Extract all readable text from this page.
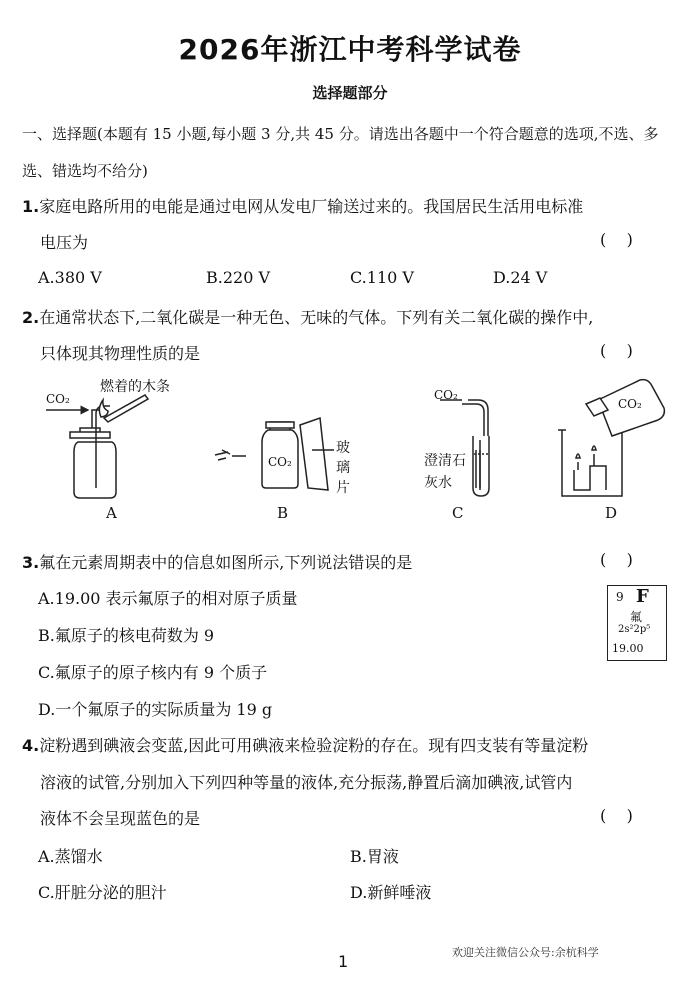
2026年浙江中考科学试卷
选择题部分
一、选择题(本题有 15 小题,每小题 3 分,共 45 分。请选出各题中一个符合题意的选项,不选、多选、错选均不给分)
1.家庭电路所用的电能是通过电网从发电厂输送过来的。我国居民生活用电标准
电压为	(    )
A.380 V	B.220 V	C.110 V	D.24 V
2.在通常状态下,二氧化碳是一种无色、无味的气体。下列有关二氧化碳的操作中,
只体现其物理性质的是	(    )
CO₂
燃着的木条
CO₂
玻璃片
CO₂
澄清石灰水
CO₂
A	B	C	D
3.氟在元素周期表中的信息如图所示,下列说法错误的是	(    )
A.19.00 表示氟原子的相对原子质量
B.氟原子的核电荷数为 9
C.氟原子的原子核内有 9 个质子
D.一个氟原子的实际质量为 19 g
9 F
氟
2s²2p⁵
19.00
4.淀粉遇到碘液会变蓝,因此可用碘液来检验淀粉的存在。现有四支装有等量淀粉
溶液的试管,分别加入下列四种等量的液体,充分振荡,静置后滴加碘液,试管内
液体不会呈现蓝色的是	(    )
A.蒸馏水	B.胃液
C.肝脏分泌的胆汁	D.新鲜唾液
欢迎关注微信公众号:余杭科学
1
